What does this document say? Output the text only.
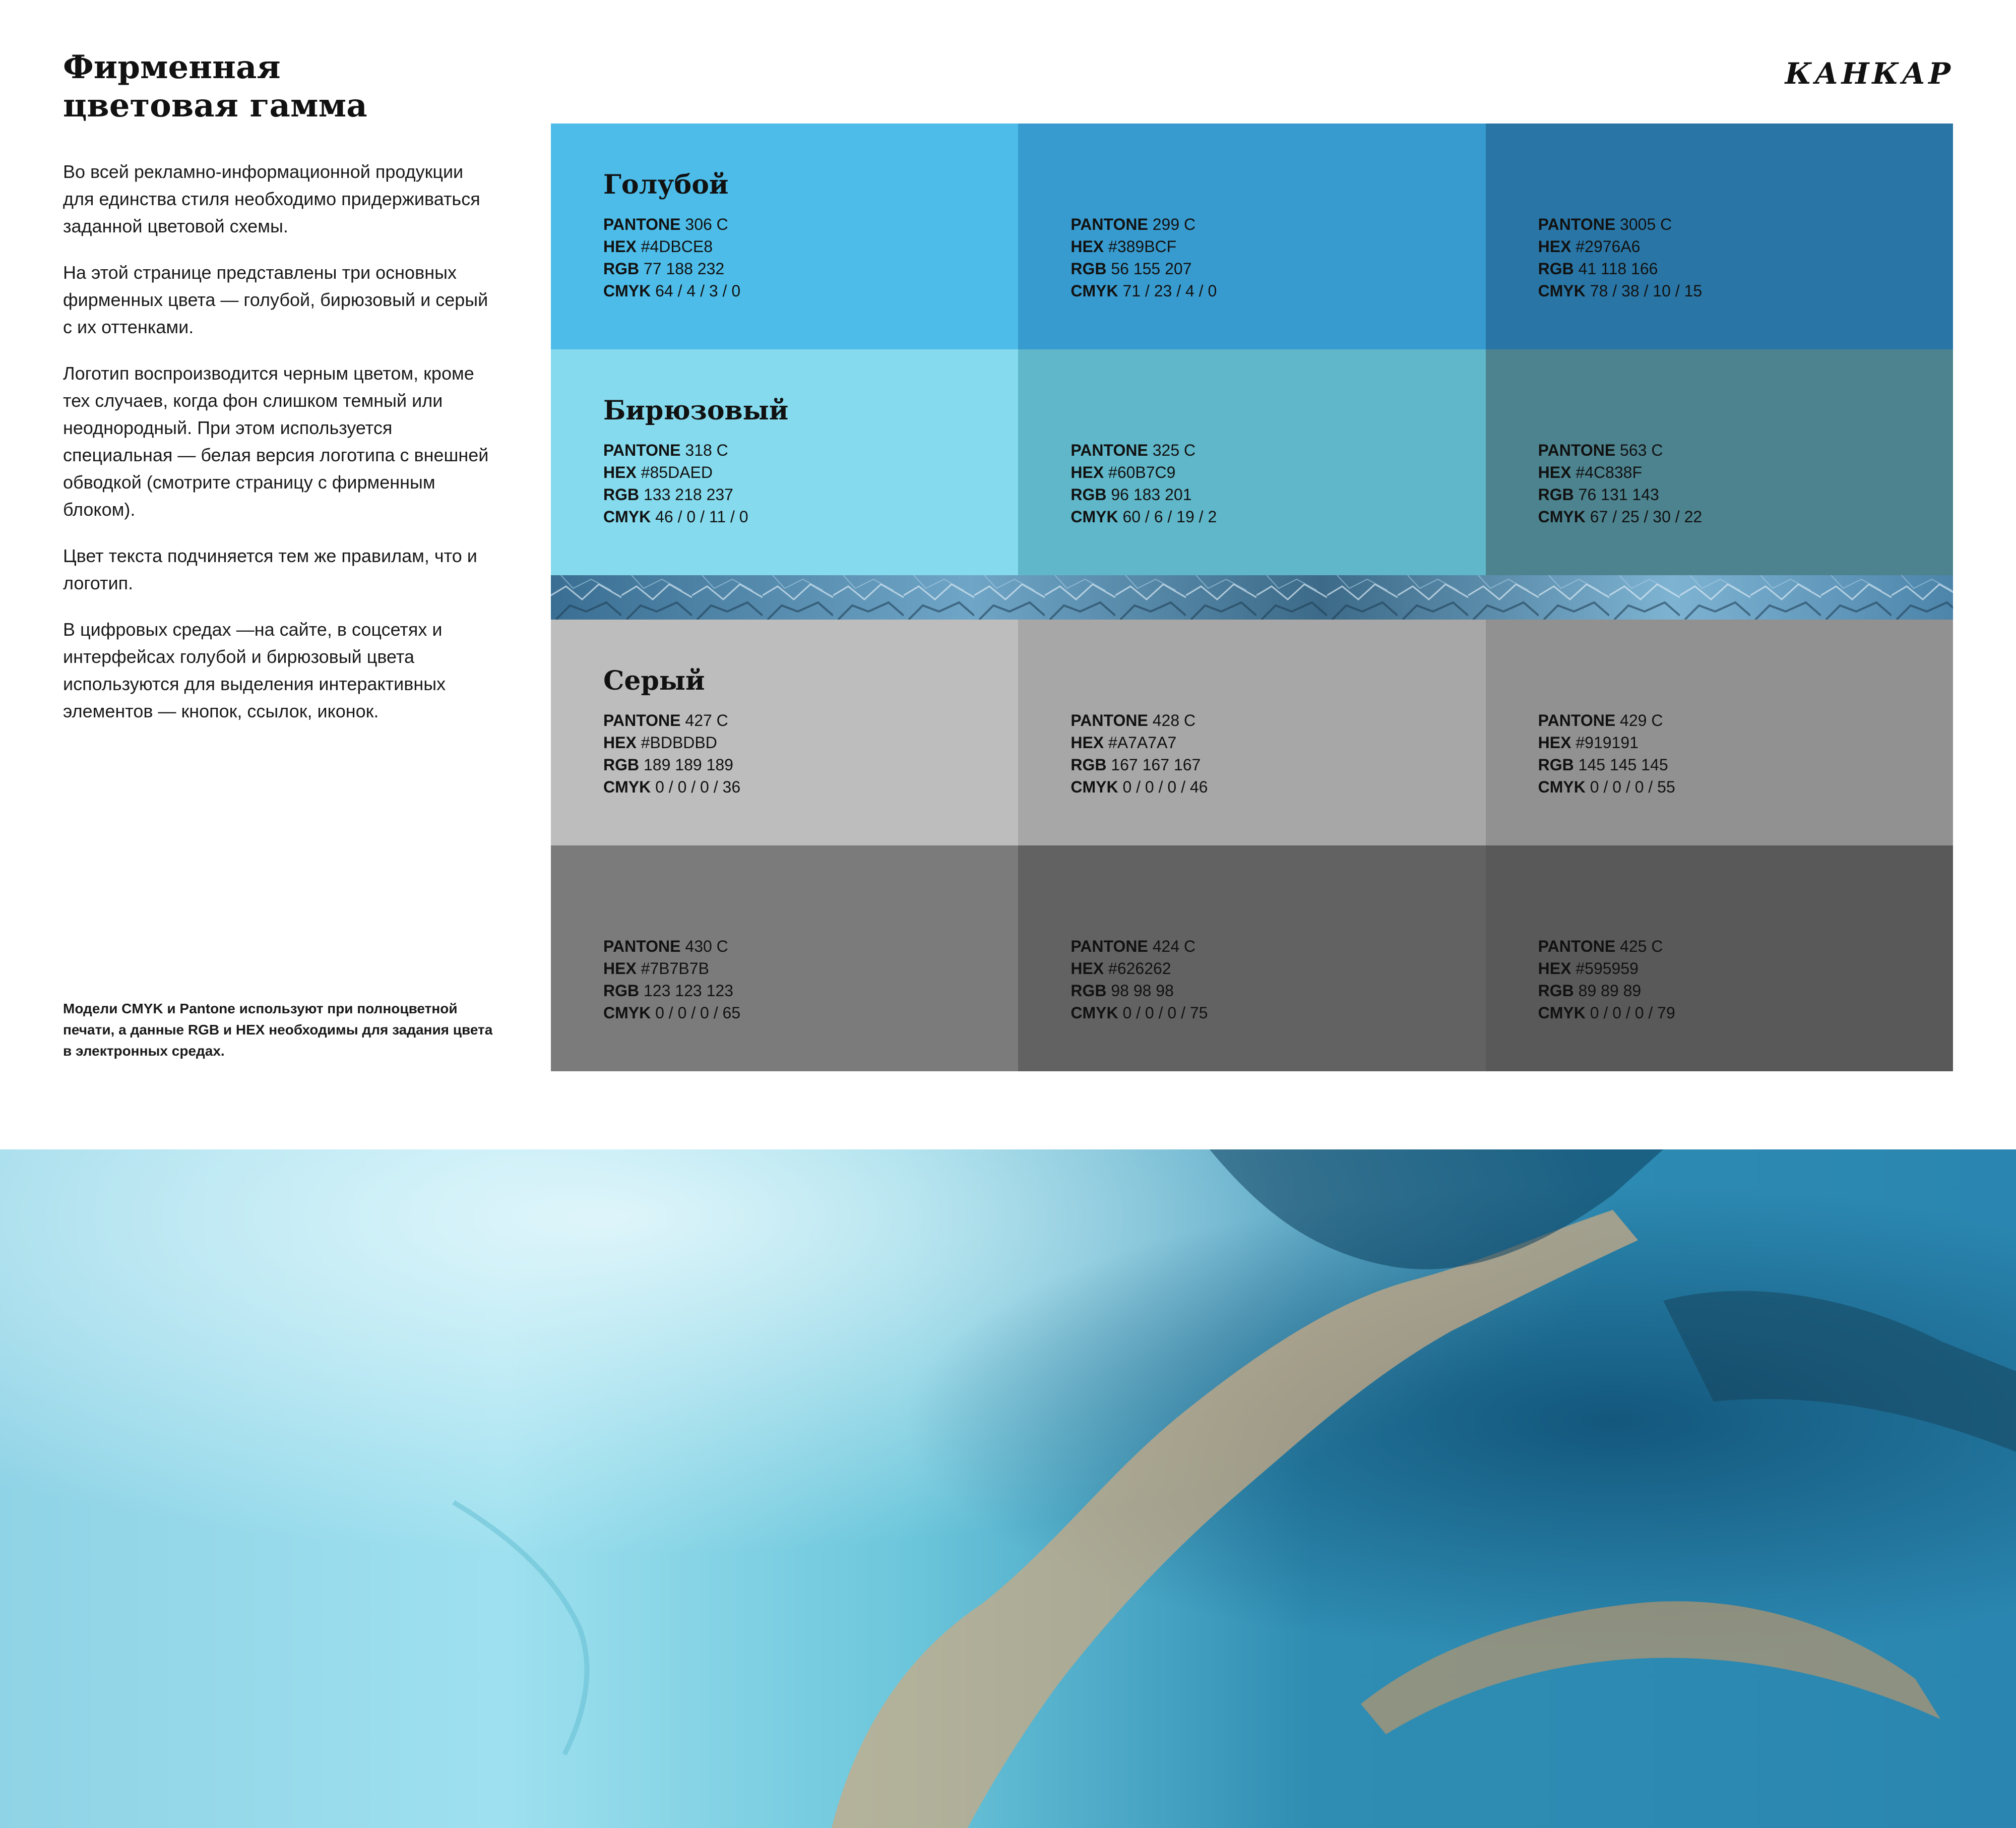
Фирменная
цветовая гамма
КАНКАР

Во всей рекламно-информационной продукции для единства стиля необходимо придерживаться заданной цветовой схемы.

На этой странице представлены три основных фирменных цвета — голубой, бирюзовый и серый с их оттенками.

Логотип воспроизводится черным цветом, кроме тех случаев, когда фон слишком темный или неоднородный. При этом используется специальная — белая версия логотипа с внешней обводкой (смотрите страницу с фирменным блоком).

Цвет текста подчиняется тем же правилам, что и логотип.

В цифровых средах —на сайте, в соцсетях и интерфейсах голубой и бирюзовый цвета используются для выделения интерактивных элементов — кнопок, ссылок, иконок.

Модели CMYK и Pantone используют при полноцветной печати, а данные RGB и HEX необходимы для задания цвета в электронных средах.
Голубой
PANTONE 306 C
HEX #4DBCE8
RGB 77 188 232
CMYK 64 / 4 / 3 / 0
PANTONE 299 C
HEX #389BCF
RGB 56 155 207
CMYK 71 / 23 / 4 / 0
PANTONE 3005 C
HEX #2976A6
RGB 41 118 166
CMYK 78 / 38 / 10 / 15
Бирюзовый
PANTONE 318 C
HEX #85DAED
RGB 133 218 237
CMYK 46 / 0 / 11 / 0
PANTONE 325 C
HEX #60B7C9
RGB 96 183 201
CMYK 60 / 6 / 19 / 2
PANTONE 563 C
HEX #4C838F
RGB 76 131 143
CMYK 67 / 25 / 30 / 22
Серый
PANTONE 427 C
HEX #BDBDBD
RGB 189 189 189
CMYK 0 / 0 / 0 / 36
PANTONE 428 C
HEX #A7A7A7
RGB 167 167 167
CMYK 0 / 0 / 0 / 46
PANTONE 429 C
HEX #919191
RGB 145 145 145
CMYK 0 / 0 / 0 / 55
PANTONE 430 C
HEX #7B7B7B
RGB 123 123 123
CMYK 0 / 0 / 0 / 65
PANTONE 424 C
HEX #626262
RGB 98 98 98
CMYK 0 / 0 / 0 / 75
PANTONE 425 C
HEX #595959
RGB 89 89 89
CMYK 0 / 0 / 0 / 79
